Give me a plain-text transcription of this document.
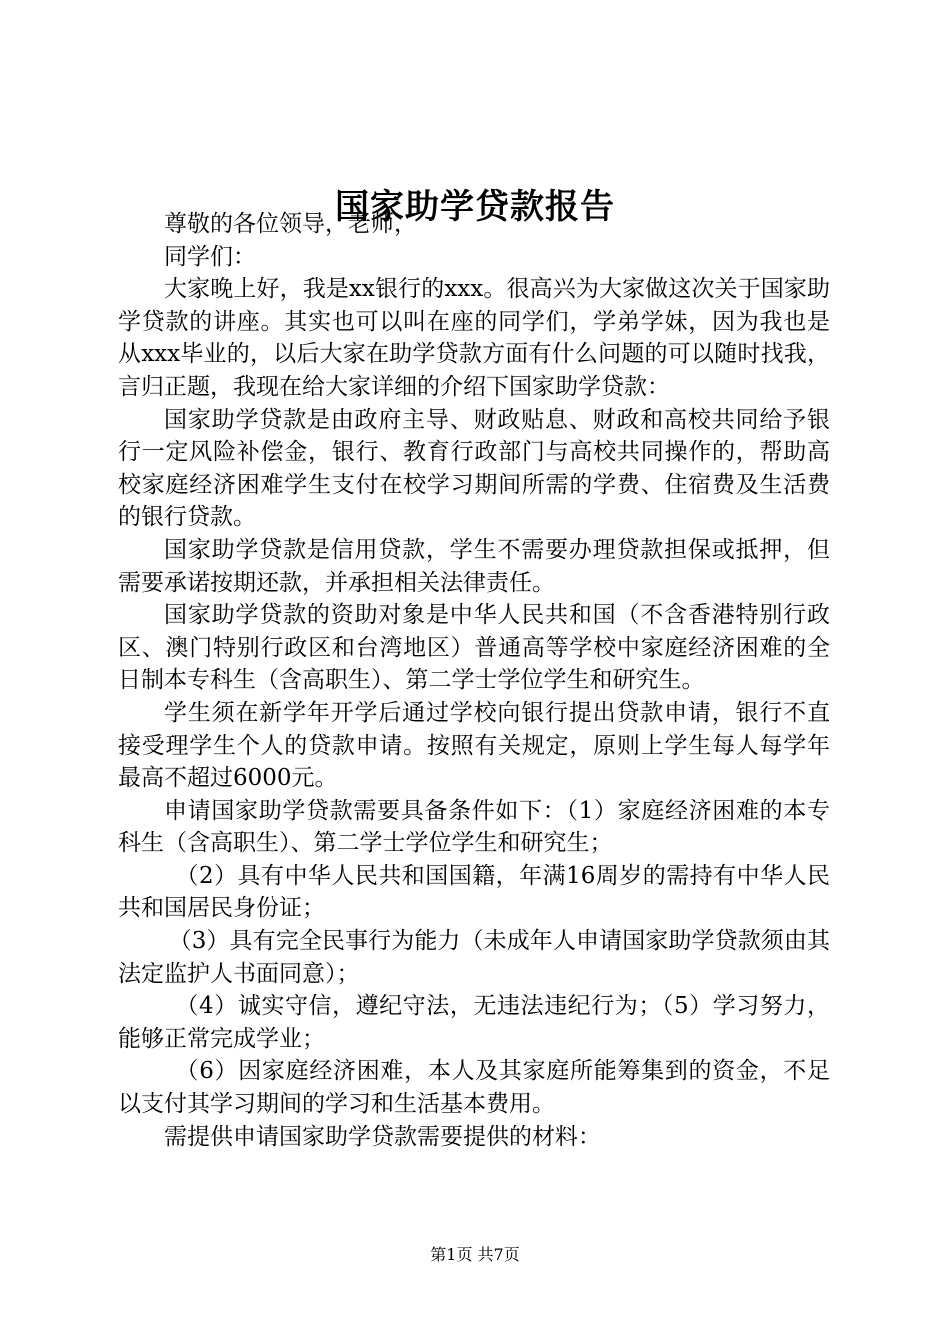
国家助学贷款报告

尊敬的各位领导，老师，

同学们：

大家晚上好，我是xx银行的xxx。很高兴为大家做这次关于国家助学贷款的讲座。其实也可以叫在座的同学们，学弟学妹，因为我也是从xxx毕业的，以后大家在助学贷款方面有什么问题的可以随时找我，言归正题，我现在给大家详细的介绍下国家助学贷款：

国家助学贷款是由政府主导、财政贴息、财政和高校共同给予银行一定风险补偿金，银行、教育行政部门与高校共同操作的，帮助高校家庭经济困难学生支付在校学习期间所需的学费、住宿费及生活费的银行贷款。

国家助学贷款是信用贷款，学生不需要办理贷款担保或抵押，但需要承诺按期还款，并承担相关法律责任。

国家助学贷款的资助对象是中华人民共和国（不含香港特别行政区、澳门特别行政区和台湾地区）普通高等学校中家庭经济困难的全日制本专科生（含高职生）、第二学士学位学生和研究生。

学生须在新学年开学后通过学校向银行提出贷款申请，银行不直接受理学生个人的贷款申请。按照有关规定，原则上学生每人每学年最高不超过6000元。

申请国家助学贷款需要具备条件如下：（1）家庭经济困难的本专科生（含高职生）、第二学士学位学生和研究生；

（2）具有中华人民共和国国籍，年满16周岁的需持有中华人民共和国居民身份证；

（3）具有完全民事行为能力（未成年人申请国家助学贷款须由其法定监护人书面同意）；

（4）诚实守信，遵纪守法，无违法违纪行为；（5）学习努力，能够正常完成学业；

（6）因家庭经济困难，本人及其家庭所能筹集到的资金，不足以支付其学习期间的学习和生活基本费用。

需提供申请国家助学贷款需要提供的材料：

第1页 共7页
